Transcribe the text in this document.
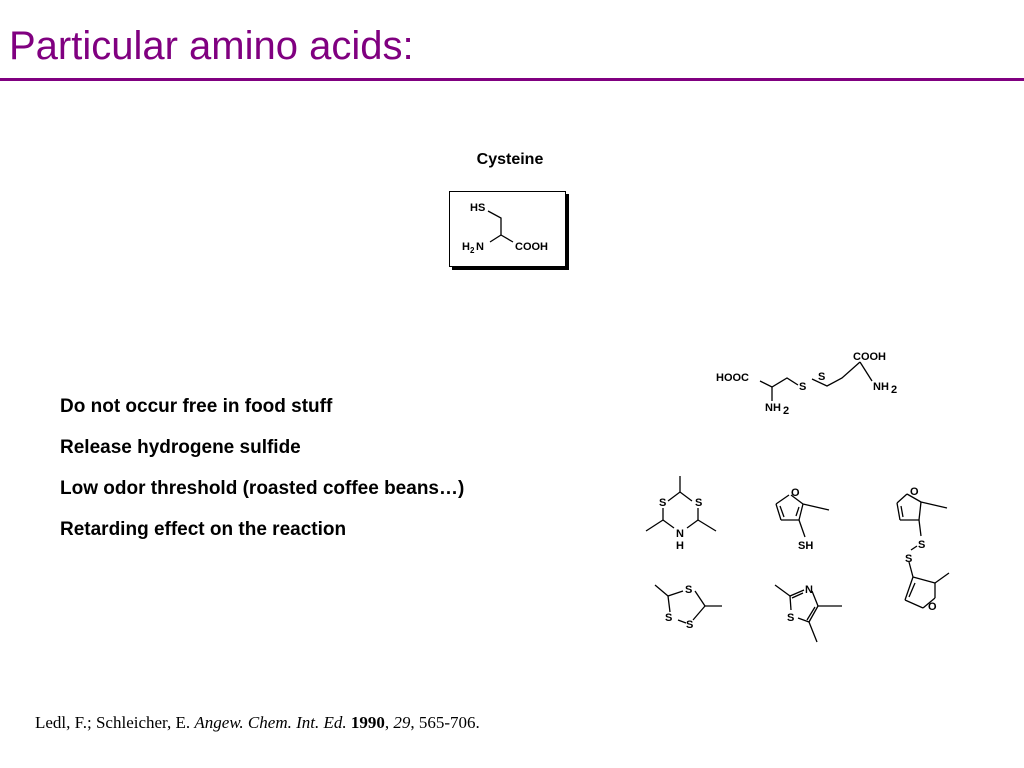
Particular amino acids:
Cysteine
HS
H 2 N	COOH
Do not occur free in food stuff
Release hydrogene sulfide
Low odor threshold (roasted coffee beans…)
Retarding effect on the reaction
HOOC
NH 2
S
S
COOH
NH 2
S	S
N
H
O
SH
O
S
S
O
S
S
S
N
S

Ledl, F.; Schleicher, E. Angew. Chem. Int. Ed. 1990, 29, 565-706.
